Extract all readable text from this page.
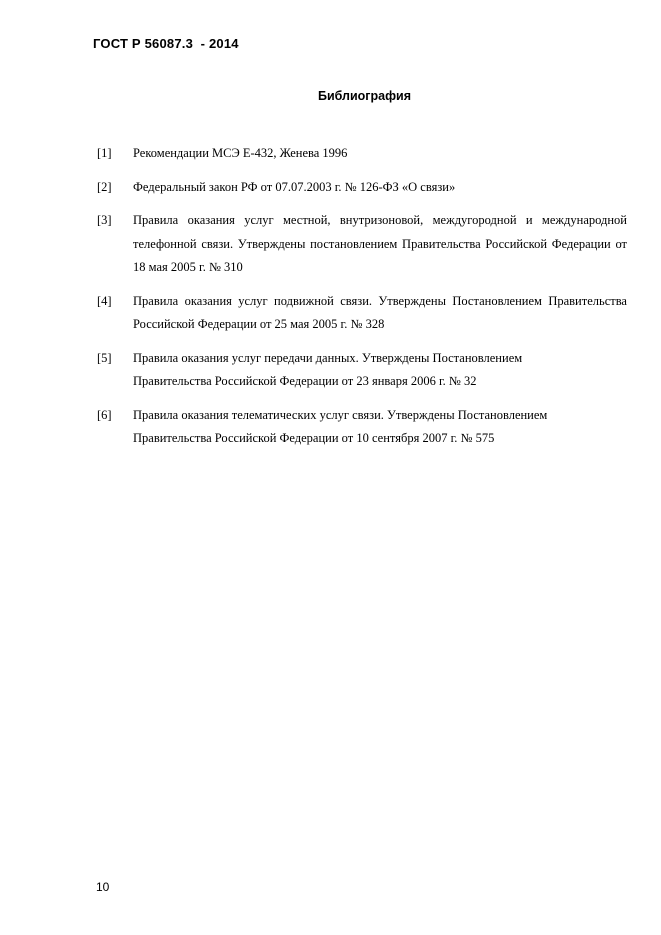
ГОСТ Р 56087.3  - 2014
Библиография
[1]	Рекомендации МСЭ E-432, Женева 1996
[2]	Федеральный закон РФ от 07.07.2003 г. № 126-ФЗ «О связи»
[3]	Правила оказания услуг местной, внутризоновой, междугородной и международной телефонной связи. Утверждены постановлением Правительства Российской Федерации от 18 мая 2005 г. № 310
[4]	Правила оказания услуг подвижной связи. Утверждены Постановлением Правительства Российской Федерации от 25 мая 2005 г. № 328
[5]	Правила оказания услуг передачи данных. Утверждены Постановлением
Правительства Российской Федерации от 23 января 2006 г. № 32
[6]	Правила оказания телематических услуг связи. Утверждены Постановлением
Правительства Российской Федерации от 10 сентября 2007 г. № 575
10
